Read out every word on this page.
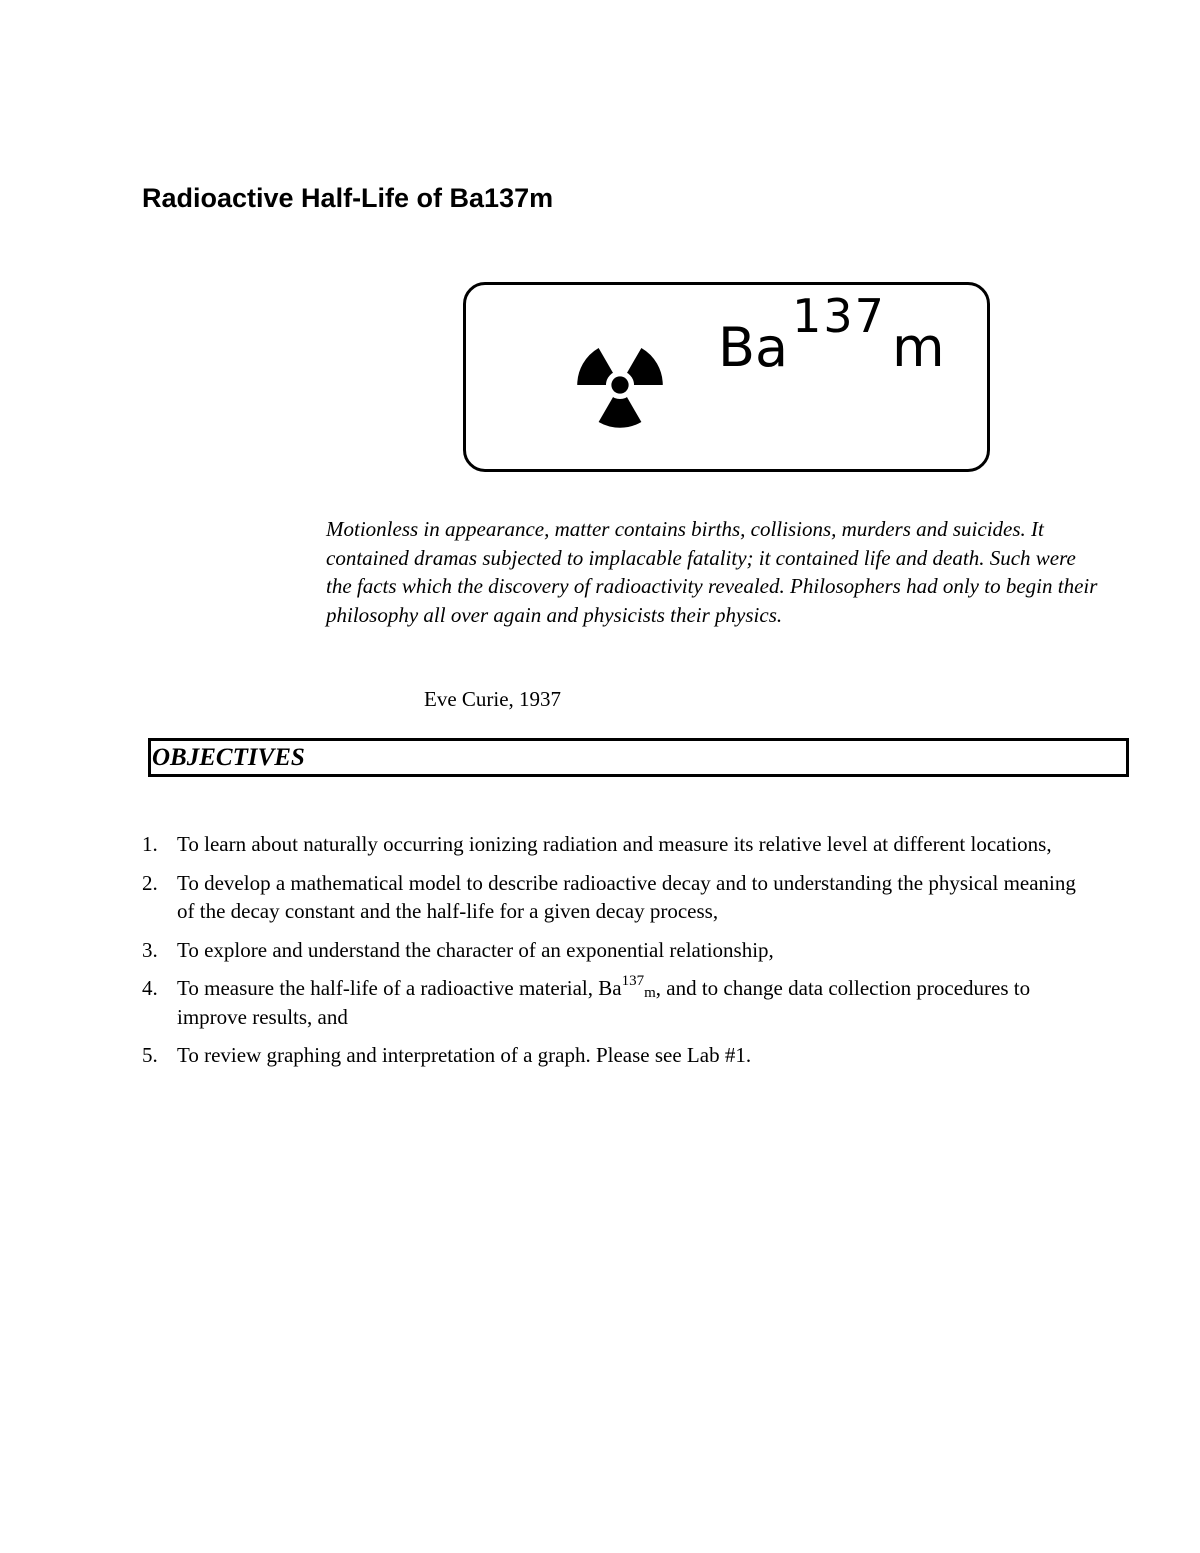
Radioactive Half-Life of Ba137m
Ba137 m

Motionless in appearance, matter contains births, collisions, murders and suicides. It contained dramas subjected to implacable fatality; it contained life and death. Such were the facts which the discovery of radioactivity revealed. Philosophers had only to begin their philosophy all over again and physicists their physics.

Eve Curie, 1937

OBJECTIVES
1. To learn about naturally occurring ionizing radiation and measure its relative level at different locations,
2. To develop a mathematical model to describe radioactive decay and to understanding the physical meaning of the decay constant and the half-life for a given decay process,
3. To explore and understand the character of an exponential relationship,
4. To measure the half-life of a radioactive material, $Ba^{137}_m$, and to change data collection procedures to improve results, and
5. To review graphing and interpretation of a graph. Please see Lab #1.
